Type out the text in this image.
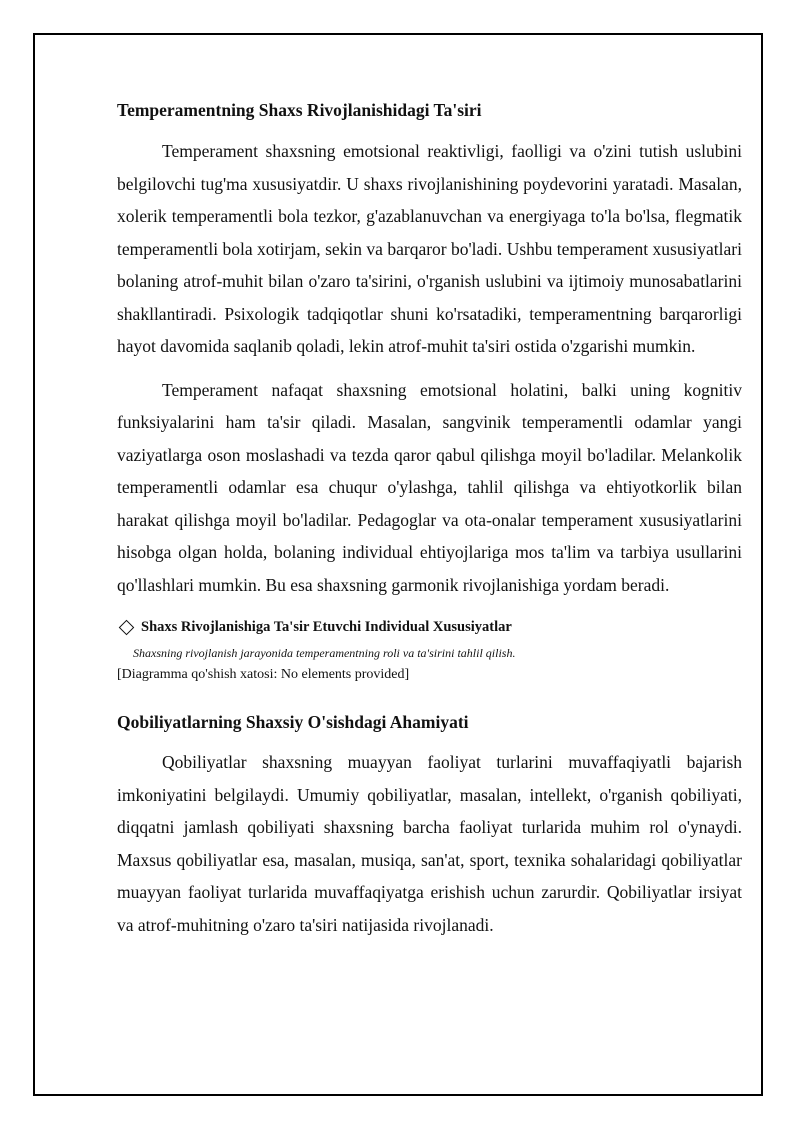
Temperamentning Shaxs Rivojlanishidagi Ta'siri

Temperament shaxsning emotsional reaktivligi, faolligi va o'zini tutish uslubini belgilovchi tug'ma xususiyatdir. U shaxs rivojlanishining poydevorini yaratadi. Masalan, xolerik temperamentli bola tezkor, g'azablanuvchan va energiyaga to'la bo'lsa, flegmatik temperamentli bola xotirjam, sekin va barqaror bo'ladi. Ushbu temperament xususiyatlari bolaning atrof-muhit bilan o'zaro ta'sirini, o'rganish uslubini va ijtimoiy munosabatlarini shakllantiradi. Psixologik tadqiqotlar shuni ko'rsatadiki, temperamentning barqarorligi hayot davomida saqlanib qoladi, lekin atrof-muhit ta'siri ostida o'zgarishi mumkin.

Temperament nafaqat shaxsning emotsional holatini, balki uning kognitiv funksiyalarini ham ta'sir qiladi. Masalan, sangvinik temperamentli odamlar yangi vaziyatlarga oson moslashadi va tezda qaror qabul qilishga moyil bo'ladilar. Melankolik temperamentli odamlar esa chuqur o'ylashga, tahlil qilishga va ehtiyotkorlik bilan harakat qilishga moyil bo'ladilar. Pedagoglar va ota-onalar temperament xususiyatlarini hisobga olgan holda, bolaning individual ehtiyojlariga mos ta'lim va tarbiya usullarini qo'llashlari mumkin. Bu esa shaxsning garmonik rivojlanishiga yordam beradi.

Shaxs Rivojlanishiga Ta'sir Etuvchi Individual Xususiyatlar
Shaxsning rivojlanish jarayonida temperamentning roli va ta'sirini tahlil qilish.
[Diagramma qo'shish xatosi: No elements provided]
Qobiliyatlarning Shaxsiy O'sishdagi Ahamiyati

Qobiliyatlar shaxsning muayyan faoliyat turlarini muvaffaqiyatli bajarish imkoniyatini belgilaydi. Umumiy qobiliyatlar, masalan, intellekt, o'rganish qobiliyati, diqqatni jamlash qobiliyati shaxsning barcha faoliyat turlarida muhim rol o'ynaydi. Maxsus qobiliyatlar esa, masalan, musiqa, san'at, sport, texnika sohalaridagi qobiliyatlar muayyan faoliyat turlarida muvaffaqiyatga erishish uchun zarurdir. Qobiliyatlar irsiyat va atrof-muhitning o'zaro ta'siri natijasida rivojlanadi.
